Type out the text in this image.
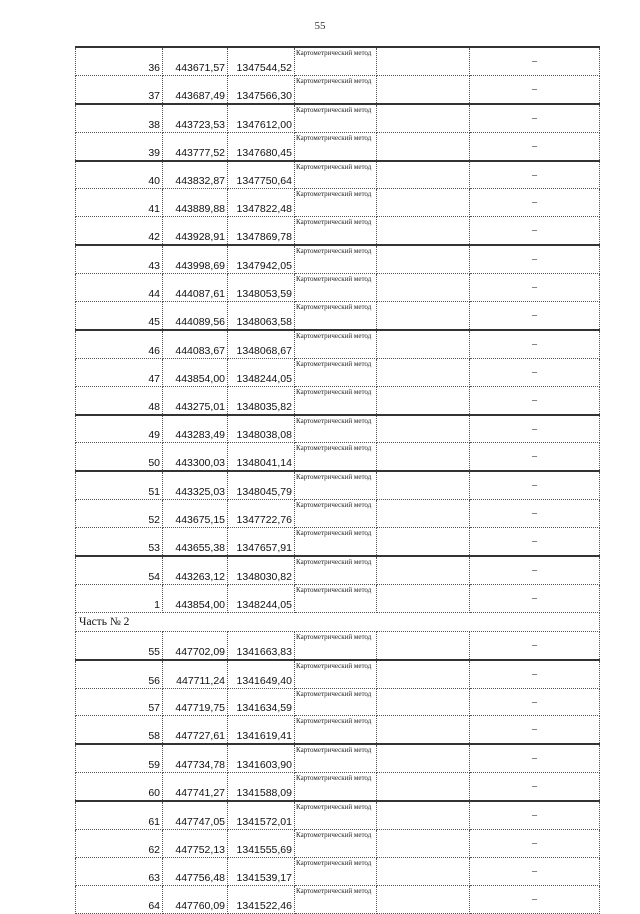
55
36	443671,57	1347544,52	Картометрический метод		–
37	443687,49	1347566,30	Картометрический метод		–
38	443723,53	1347612,00	Картометрический метод		–
39	443777,52	1347680,45	Картометрический метод		–
40	443832,87	1347750,64	Картометрический метод		–
41	443889,88	1347822,48	Картометрический метод		–
42	443928,91	1347869,78	Картометрический метод		–
43	443998,69	1347942,05	Картометрический метод		–
44	444087,61	1348053,59	Картометрический метод		–
45	444089,56	1348063,58	Картометрический метод		–
46	444083,67	1348068,67	Картометрический метод		–
47	443854,00	1348244,05	Картометрический метод		–
48	443275,01	1348035,82	Картометрический метод		–
49	443283,49	1348038,08	Картометрический метод		–
50	443300,03	1348041,14	Картометрический метод		–
51	443325,03	1348045,79	Картометрический метод		–
52	443675,15	1347722,76	Картометрический метод		–
53	443655,38	1347657,91	Картометрический метод		–
54	443263,12	1348030,82	Картометрический метод		–
1	443854,00	1348244,05	Картометрический метод		–
Часть № 2					
55	447702,09	1341663,83	Картометрический метод		–
56	447711,24	1341649,40	Картометрический метод		–
57	447719,75	1341634,59	Картометрический метод		–
58	447727,61	1341619,41	Картометрический метод		–
59	447734,78	1341603,90	Картометрический метод		–
60	447741,27	1341588,09	Картометрический метод		–
61	447747,05	1341572,01	Картометрический метод		–
62	447752,13	1341555,69	Картометрический метод		–
63	447756,48	1341539,17	Картометрический метод		–
64	447760,09	1341522,46	Картометрический метод		–
